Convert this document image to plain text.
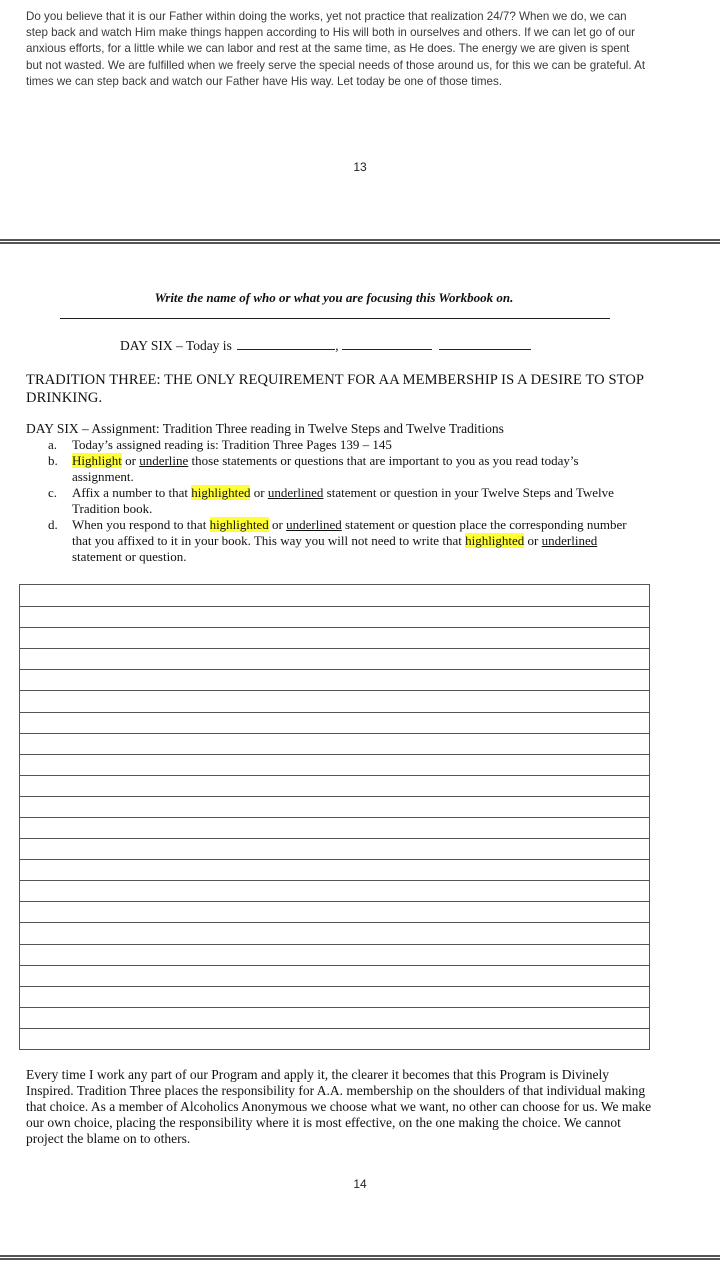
Do you believe that it is our Father within doing the works, yet not practice that realization 24/7? When we do, we can step back and watch Him make things happen according to His will both in ourselves and others. If we can let go of our anxious efforts, for a little while we can labor and rest at the same time, as He does. The energy we are given is spent but not wasted. We are fulfilled when we freely serve the special needs of those around us, for this we can be grateful. At times we can step back and watch our Father have His way. Let today be one of those times.
13
Write the name of who or what you are focusing this Workbook on.
DAY SIX – Today is	,
TRADITION THREE: THE ONLY REQUIREMENT FOR AA MEMBERSHIP IS A DESIRE TO STOP DRINKING.
DAY SIX – Assignment: Tradition Three reading in Twelve Steps and Twelve Traditions
a. Today’s assigned reading is: Tradition Three Pages 139 – 145
b. Highlight or underline those statements or questions that are important to you as you read today’s assignment.
c. Affix a number to that highlighted or underlined statement or question in your Twelve Steps and Twelve Tradition book.
d. When you respond to that highlighted or underlined statement or question place the corresponding number that you affixed to it in your book. This way you will not need to write that highlighted or underlined statement or question.
Every time I work any part of our Program and apply it, the clearer it becomes that this Program is Divinely Inspired. Tradition Three places the responsibility for A.A. membership on the shoulders of that individual making that choice. As a member of Alcoholics Anonymous we choose what we want, no other can choose for us. We make our own choice, placing the responsibility where it is most effective, on the one making the choice. We cannot project the blame on to others.
14
